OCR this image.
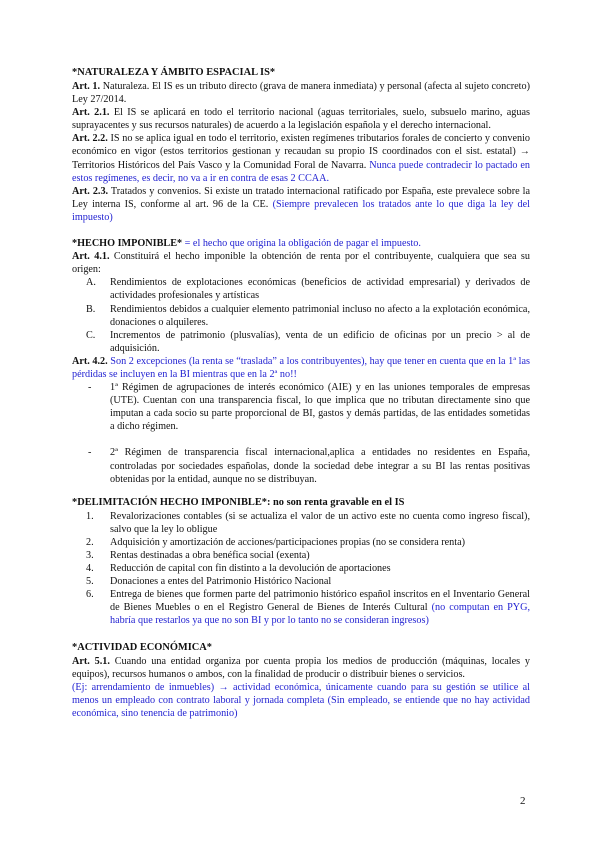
*NATURALEZA Y ÁMBITO ESPACIAL IS*

Art. 1. Naturaleza. El IS es un tributo directo (grava de manera inmediata) y personal (afecta al sujeto concreto) Ley 27/2014.

Art. 2.1. El IS se aplicará en todo el territorio nacional (aguas territoriales, suelo, subsuelo marino, aguas suprayacentes y sus recursos naturales) de acuerdo a la legislación española y el derecho internacional.

Art. 2.2. IS no se aplica igual en todo el territorio, existen regímenes tributarios forales de concierto y convenio económico en vigor (estos territorios gestionan y recaudan su propio IS coordinados con el sist. estatal) → Territorios Históricos del País Vasco y la Comunidad Foral de Navarra. Nunca puede contradecir lo pactado en estos regímenes, es decir, no va a ir en contra de esas 2 CCAA.

Art. 2.3. Tratados y convenios. Si existe un tratado internacional ratificado por España, este prevalece sobre la Ley interna IS, conforme al art. 96 de la CE. (Siempre prevalecen los tratados ante lo que diga la ley del impuesto)

*HECHO IMPONIBLE* = el hecho que origina la obligación de pagar el impuesto.

Art. 4.1. Constituirá el hecho imponible la obtención de renta por el contribuyente, cualquiera que sea su origen:

A.	Rendimientos de explotaciones económicas (beneficios de actividad empresarial) y derivados de actividades profesionales y artísticas
B.	Rendimientos debidos a cualquier elemento patrimonial incluso no afecto a la explotación económica, donaciones o alquileres.
C.	Incrementos de patrimonio (plusvalías), venta de un edificio de oficinas por un precio > al de adquisición.

Art. 4.2. Son 2 excepciones (la renta se “traslada” a los contribuyentes), hay que tener en cuenta que en la 1ª las pérdidas se incluyen en la BI mientras que en la 2ª no!!

-	1ª Régimen de agrupaciones de interés económico (AIE) y en las uniones temporales de empresas (UTE). Cuentan con una transparencia fiscal, lo que implica que no tributan directamente sino que imputan a cada socio su parte proporcional de BI, gastos y demás partidas, de las entidades sometidas a dicho régimen.
-	2ª Régimen de transparencia fiscal internacional,aplica a entidades no residentes en España, controladas por sociedades españolas, donde la sociedad debe integrar a su BI las rentas positivas obtenidas por la entidad, aunque no se distribuyan.
*DELIMITACIÓN HECHO IMPONIBLE*: no son renta gravable en el IS
1.	Revalorizaciones contables (si se actualiza el valor de un activo este no cuenta como ingreso fiscal), salvo que la ley lo obligue
2.	Adquisición y amortización de acciones/participaciones propias (no se considera renta)
3.	Rentas destinadas a obra benéfica social (exenta)
4.	Reducción de capital con fin distinto a la devolución de aportaciones
5.	Donaciones a entes del Patrimonio Histórico Nacional
6.	Entrega de bienes que formen parte del patrimonio histórico español inscritos en el Inventario General de Bienes Muebles o en el Registro General de Bienes de Interés Cultural (no computan en PYG, habría que restarlos ya que no son BI y por lo tanto no se consideran ingresos)
*ACTIVIDAD ECONÓMICA*

Art. 5.1. Cuando una entidad organiza por cuenta propia los medios de producción (máquinas, locales y equipos), recursos humanos o ambos, con la finalidad de producir o distribuir bienes o servicios.

(Ej: arrendamiento de inmuebles) → actividad económica, únicamente cuando para su gestión se utilice al menos un empleado con contrato laboral y jornada completa (Sin empleado, se entiende que no hay actividad económica, sino tenencia de patrimonio)

2
